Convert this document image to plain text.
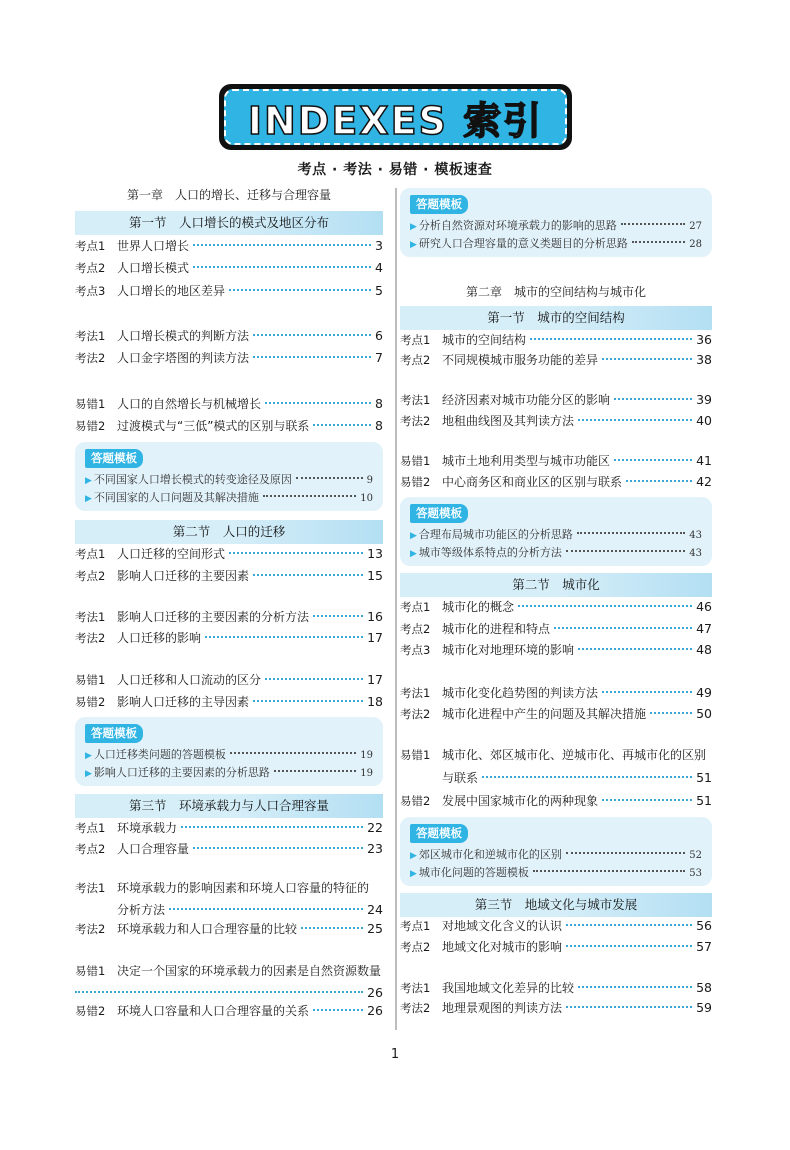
INDEXES 索引
考点 · 考法 · 易错 · 模板速查
第一章　人口的增长、迁移与合理容量
第一节　人口增长的模式及地区分布
考点1 世界人口增长	3
考点2 人口增长模式	4
考点3 人口增长的地区差异	5
考法1 人口增长模式的判断方法	6
考法2 人口金字塔图的判读方法	7
易错1 人口的自然增长与机械增长	8
易错2 过渡模式与“三低”模式的区别与联系	8
答题模板
▶ 不同国家人口增长模式的转变途径及原因	9
▶ 不同国家的人口问题及其解决措施	10
第二节　人口的迁移
考点1 人口迁移的空间形式	13
考点2 影响人口迁移的主要因素	15
考法1 影响人口迁移的主要因素的分析方法	16
考法2 人口迁移的影响	17
易错1 人口迁移和人口流动的区分	17
易错2 影响人口迁移的主导因素	18
答题模板
▶ 人口迁移类问题的答题模板	19
▶ 影响人口迁移的主要因素的分析思路	19
第三节　环境承载力与人口合理容量
考点1 环境承载力	22
考点2 人口合理容量	23
考法1 环境承载力的影响因素和环境人口容量的特征的
分析方法	24
考法2 环境承载力和人口合理容量的比较	25
易错1 决定一个国家的环境承载力的因素是自然资源数量
26
易错2 环境人口容量和人口合理容量的关系	26
答题模板
▶ 分析自然资源对环境承载力的影响的思路	27
▶ 研究人口合理容量的意义类题目的分析思路	28
第二章　城市的空间结构与城市化
第一节　城市的空间结构
考点1 城市的空间结构	36
考点2 不同规模城市服务功能的差异	38
考法1 经济因素对城市功能分区的影响	39
考法2 地租曲线图及其判读方法	40
易错1 城市土地利用类型与城市功能区	41
易错2 中心商务区和商业区的区别与联系	42
答题模板
▶ 合理布局城市功能区的分析思路	43
▶ 城市等级体系特点的分析方法	43
第二节　城市化
考点1 城市化的概念	46
考点2 城市化的进程和特点	47
考点3 城市化对地理环境的影响	48
考法1 城市化变化趋势图的判读方法	49
考法2 城市化进程中产生的问题及其解决措施	50
易错1 城市化、郊区城市化、逆城市化、再城市化的区别
与联系	51
易错2 发展中国家城市化的两种现象	51
答题模板
▶ 郊区城市化和逆城市化的区别	52
▶ 城市化问题的答题模板	53
第三节　地域文化与城市发展
考点1 对地域文化含义的认识	56
考点2 地域文化对城市的影响	57
考法1 我国地域文化差异的比较	58
考法2 地理景观图的判读方法	59
1
